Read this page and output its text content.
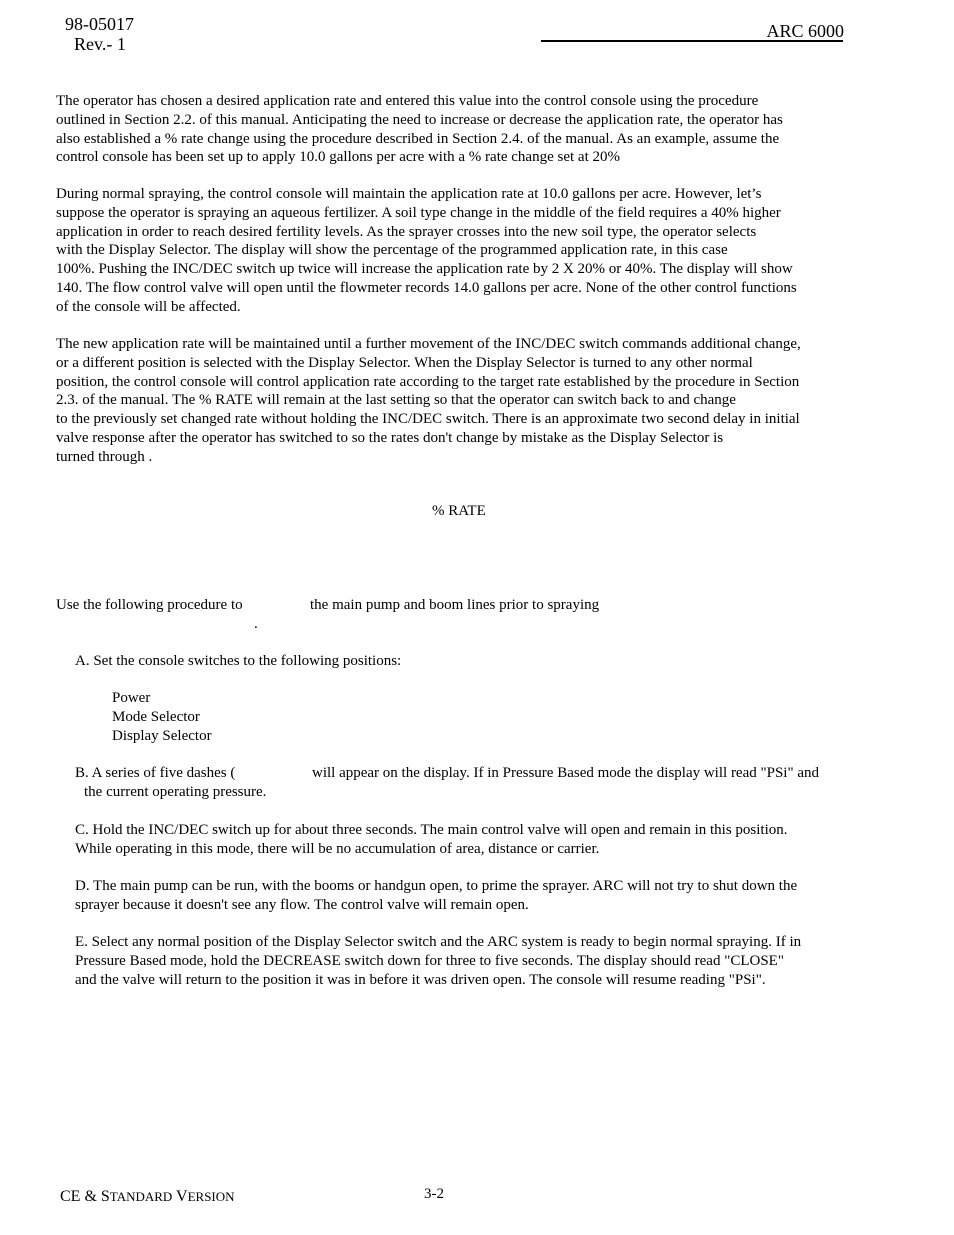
98-05017
Rev.- 1
ARC 6000

The operator has chosen a desired application rate and entered this value into the control console using the procedure
outlined in Section 2.2. of this manual. Anticipating the need to increase or decrease the application rate, the operator has
also established a % rate change using the procedure described in Section 2.4. of the manual. As an example, assume the
control console has been set up to apply 10.0 gallons per acre with a % rate change set at 20%

During normal spraying, the control console will maintain the application rate at 10.0 gallons per acre. However, let’s
suppose the operator is spraying an aqueous fertilizer. A soil type change in the middle of the field requires a 40% higher
application in order to reach desired fertility levels. As the sprayer crosses into the new soil type, the operator selects
with the Display Selector. The display will show the percentage of the programmed application rate, in this case
100%. Pushing the INC/DEC switch up twice will increase the application rate by 2 X 20% or 40%. The display will show
140. The flow control valve will open until the flowmeter records 14.0 gallons per acre. None of the other control functions
of the console will be affected.

The new application rate will be maintained until a further movement of the INC/DEC switch commands additional change,
or a different position is selected with the Display Selector. When the Display Selector is turned to any other normal
position, the control console will control application rate according to the target rate established by the procedure in Section
2.3. of the manual. The % RATE will remain at the last setting so that the operator can switch back to and change
to the previously set changed rate without holding the INC/DEC switch. There is an approximate two second delay in initial
valve response after the operator has switched to so the rates don't change by mistake as the Display Selector is
turned through .

% RATE
Use the following procedure to	the main pump and boom lines prior to spraying
.
A. Set the console switches to the following positions:
Power
Mode Selector
Display Selector
B. A series of five dashes (	will appear on the display. If in Pressure Based mode the display will read "PSi" and
the current operating pressure.

C. Hold the INC/DEC switch up for about three seconds. The main control valve will open and remain in this position.
While operating in this mode, there will be no accumulation of area, distance or carrier.

D. The main pump can be run, with the booms or handgun open, to prime the sprayer. ARC will not try to shut down the
sprayer because it doesn't see any flow. The control valve will remain open.

E. Select any normal position of the Display Selector switch and the ARC system is ready to begin normal spraying. If in
Pressure Based mode, hold the DECREASE switch down for three to five seconds. The display should read "CLOSE"
and the valve will return to the position it was in before it was driven open. The console will resume reading "PSi".

CE & STANDARD VERSION	3-2
